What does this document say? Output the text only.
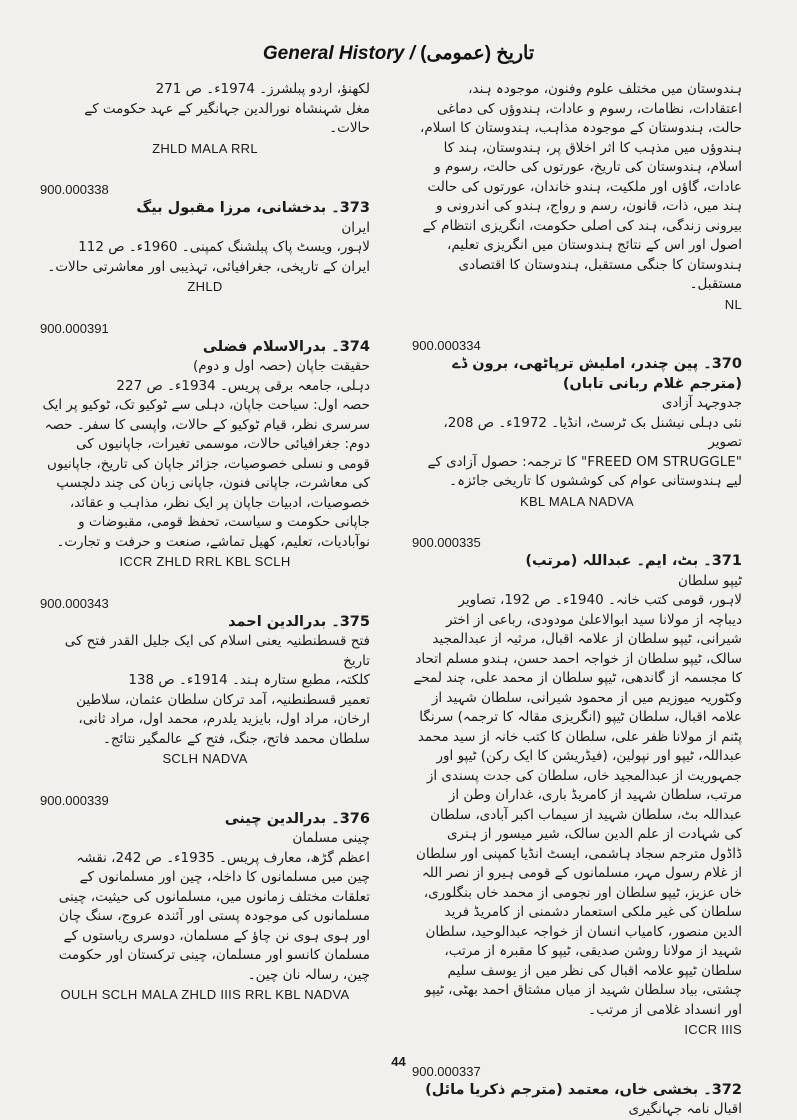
General History / تاریخ (عمومی)
لکھنؤ، اردو پبلشرز۔ 1974ء۔ ص 271
مغل شہنشاہ نورالدین جہانگیر کے عہد حکومت کے حالات۔
ZHLD MALA RRL
900.000338
373۔ بدخشانی، مرزا مقبول بیگ
ایران
لاہور، ویسٹ پاک پبلشنگ کمپنی۔ 1960ء۔ ص 112
ایران کے تاریخی، جغرافیائی، تہذیبی اور معاشرتی حالات۔
ZHLD
900.000391
374۔ بدرالاسلام فضلی
حقیقت جاپان (حصہ اول و دوم)
دہلی، جامعہ برقی پریس۔ 1934ء۔ ص 227
حصہ اول: سیاحت جاپان، دہلی سے ٹوکیو تک، ٹوکیو پر ایک سرسری نظر، قیام ٹوکیو کے حالات، واپسی کا سفر۔ حصہ دوم: جغرافیائی حالات، موسمی تغیرات، جاپانیوں کی قومی و نسلی خصوصیات، جزائر جاپان کی تاریخ، جاپانیوں کی معاشرت، جاپانی فنون، جاپانی زبان کی چند دلچسپ خصوصیات، ادبیات جاپان پر ایک نظر، مذاہب و عقائد، جاپانی حکومت و سیاست، تحفظ قومی، مقبوضات و نوآبادیات، تعلیم، کھیل تماشے، صنعت و حرفت و تجارت۔
ICCR ZHLD RRL KBL SCLH
900.000343
375۔ بدرالدین احمد
فتح قسطنطنیہ یعنی اسلام کی ایک جلیل القدر فتح کی تاریخ
کلکتہ، مطبع ستارہ ہند۔ 1914ء۔ ص 138
تعمیر قسطنطنیہ، آمد ترکان سلطان عثمان، سلاطین ارخان، مراد اول، بایزید یلدرم، محمد اول، مراد ثانی، سلطان محمد فاتح، جنگ، فتح کے عالمگیر نتائج۔
SCLH NADVA
900.000339
376۔ بدرالدین چینی
چینی مسلمان
اعظم گڑھ، معارف پریس۔ 1935ء۔ ص 242، نقشہ
چین میں مسلمانوں کا داخلہ، چین اور مسلمانوں کے تعلقات مختلف زمانوں میں، مسلمانوں کی حیثیت، چینی مسلمانوں کی موجودہ پستی اور آئندہ عروج، سنگ چان اور ہوی ہوی نن چاؤ کے مسلمان، دوسری ریاستوں کے مسلمان کانسو اور مسلمان، چینی ترکستان اور حکومت چین، رسالہ نان چین۔
OULH SCLH MALA ZHLD IIIS RRL KBL NADVA
ہندوستان میں مختلف علوم وفنون، موجودہ ہند، اعتقادات، نظامات، رسوم و عادات، ہندوؤں کی دماغی حالت، ہندوستان کے موجودہ مذاہب، ہندوستان کا اسلام، ہندوؤں میں مذہب کا اثر اخلاق پر، ہندوستان، ہند کا اسلام، ہندوستان کی تاریخ، عورتوں کی حالت، رسوم و عادات، گاؤں اور ملکیت، ہندو خاندان، عورتوں کی حالت ہند میں، ذات، قانون، رسم و رواج، ہندو کی اندرونی و بیرونی زندگی، ہند کی اصلی حکومت، انگریزی انتظام کے اصول اور اس کے نتائج ہندوستان میں انگریزی تعلیم، ہندوستان کا جنگی مستقبل، ہندوستان کا اقتصادی مستقبل۔
NL
900.000334
370۔ پین چندر، املیش ترپاٹھی، برون ڈے (مترجم غلام ربانی تاباں)
جدوجہد آزادی
نئی دہلی نیشنل بک ٹرسٹ، انڈیا۔ 1972ء۔ ص 208، تصویر
"FREED OM STRUGGLE" کا ترجمہ: حصول آزادی کے لیے ہندوستانی عوام کی کوششوں کا تاریخی جائزہ۔
KBL MALA NADVA
900.000335
371۔ بٹ، ایم۔ عبداللہ (مرتب)
ٹیپو سلطان
لاہور، قومی کتب خانہ۔ 1940ء۔ ص 192، تصاویر
دیباچہ از مولانا سید ابوالاعلیٰ مودودی، رباعی از اختر شیرانی، ٹیپو سلطان از علامہ اقبال، مرثیہ از عبدالمجید سالک، ٹیپو سلطان از خواجہ احمد حسن، ہندو مسلم اتحاد کا مجسمہ از گاندھی، ٹیپو سلطان از محمد علی، چند لمحے وکٹوریہ میوزیم میں از محمود شیرانی، سلطان شہید از علامہ اقبال، سلطان ٹیپو (انگریزی مقالہ کا ترجمہ) سرنگا پٹنم از مولانا ظفر علی، سلطان کا کتب خانہ از سید محمد عبداللہ، ٹیپو اور نپولین، (فیڈریشن کا ایک رکن) ٹیپو اور جمہوریت از عبدالمجید خاں، سلطان کی جدت پسندی از مرتب، سلطان شہید از کامریڈ باری، غداران وطن از عبداللہ بٹ، سلطان شہید از سیماب اکبر آبادی، سلطان کی شہادت از علم الدین سالک، شیر میسور از ہنری ڈاڈول مترجم سجاد ہاشمی، ایسٹ انڈیا کمپنی اور سلطان از غلام رسول مہر، مسلمانوں کے قومی ہیرو از نصر اللہ خاں عزیز، ٹیپو سلطان اور نجومی از محمد خاں بنگلوری، سلطان کی غیر ملکی استعمار دشمنی از کامریڈ فرید الدین منصور، کامیاب انسان از خواجہ عبدالوحید، سلطان شہید از مولانا روشن صدیقی، ٹیپو کا مقبرہ از مرتب، سلطان ٹیپو علامہ اقبال کی نظر میں از یوسف سلیم چشتی، بیاد سلطان شہید از میاں مشتاق احمد بھٹی، ٹیپو اور انسداد غلامی از مرتب۔
ICCR IIIS
900.000337
372۔ بخشی خاں، معتمد (مترجم ذکریا مائل)
اقبال نامہ جہانگیری
44
